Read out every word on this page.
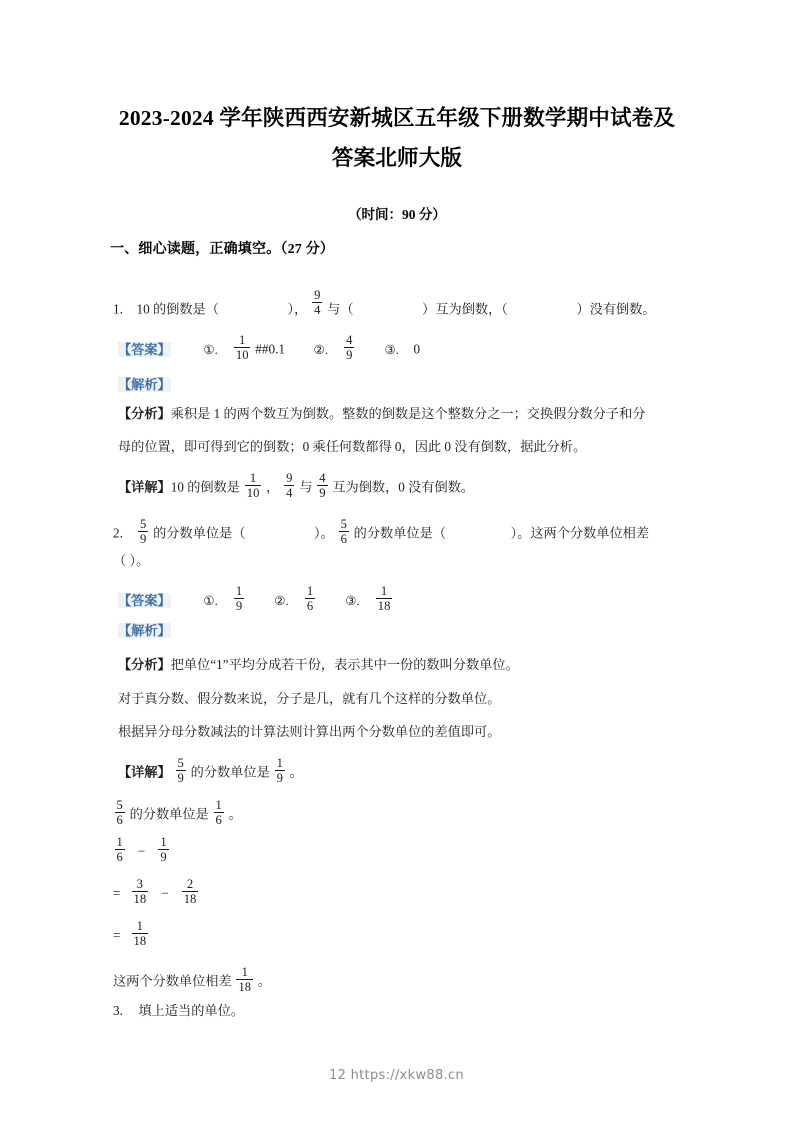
2023-2024 学年陕西西安新城区五年级下册数学期中试卷及
答案北师大版
（时间：90 分）
一、细心读题，正确填空。（27 分）
1. 10 的倒数是（	）， $\frac{9}{4}$ 与（	）互为倒数，（	）没有倒数。
【答案】	①. $\frac{1}{10}$ ##0.1 ②. $\frac{4}{9}$ ③. 0
【解析】
【分析】乘积是 1 的两个数互为倒数。整数的倒数是这个整数分之一；交换假分数分子和分
母的位置，即可得到它的倒数；0 乘任何数都得 0，因此 0 没有倒数，据此分析。
【详解】10 的倒数是 $\frac{1}{10}$ ， $\frac{9}{4}$ 与 $\frac{4}{9}$ 互为倒数，0 没有倒数。
2. $\frac{5}{9}$ 的分数单位是（	）。 $\frac{5}{6}$ 的分数单位是（	）。这两个分数单位相差
（ ）。
【答案】	①. $\frac{1}{9}$ ②. $\frac{1}{6}$ ③. $\frac{1}{18}$
【解析】
【分析】把单位“1”平均分成若干份，表示其中一份的数叫分数单位。
对于真分数、假分数来说，分子是几，就有几个这样的分数单位。
根据异分母分数减法的计算法则计算出两个分数单位的差值即可。
【详解】 $\frac{5}{9}$ 的分数单位是 $\frac{1}{9}$ 。
$\frac{5}{6}$ 的分数单位是 $\frac{1}{6}$ 。
$\frac{1}{6} - \frac{1}{9}$
= $\frac{3}{18} - \frac{2}{18}$
= $\frac{1}{18}$
这两个分数单位相差 $\frac{1}{18}$ 。
3. 填上适当的单位。
12 https://xkw88.cn
